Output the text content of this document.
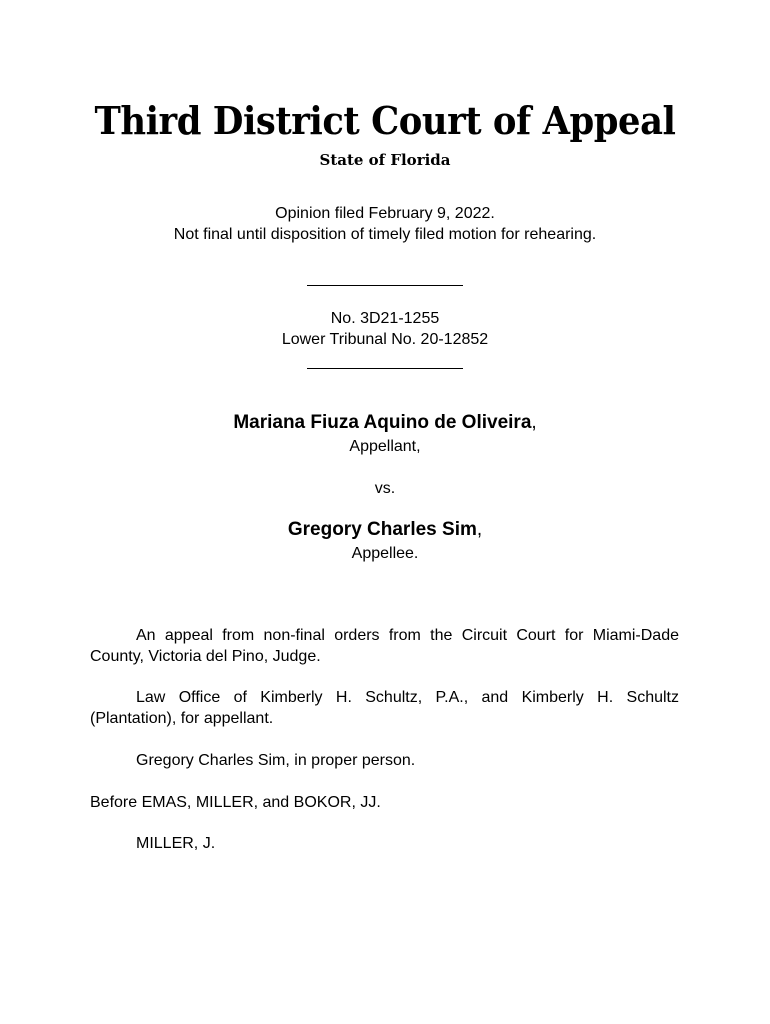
Third District Court of Appeal
State of Florida
Opinion filed February 9, 2022.
Not final until disposition of timely filed motion for rehearing.
No. 3D21-1255
Lower Tribunal No. 20-12852
Mariana Fiuza Aquino de Oliveira,
Appellant,
vs.
Gregory Charles Sim,
Appellee.
An appeal from non-final orders from the Circuit Court for Miami-Dade County, Victoria del Pino, Judge.
Law Office of Kimberly H. Schultz, P.A., and Kimberly H. Schultz (Plantation), for appellant.
Gregory Charles Sim, in proper person.
Before EMAS, MILLER, and BOKOR, JJ.
MILLER, J.
